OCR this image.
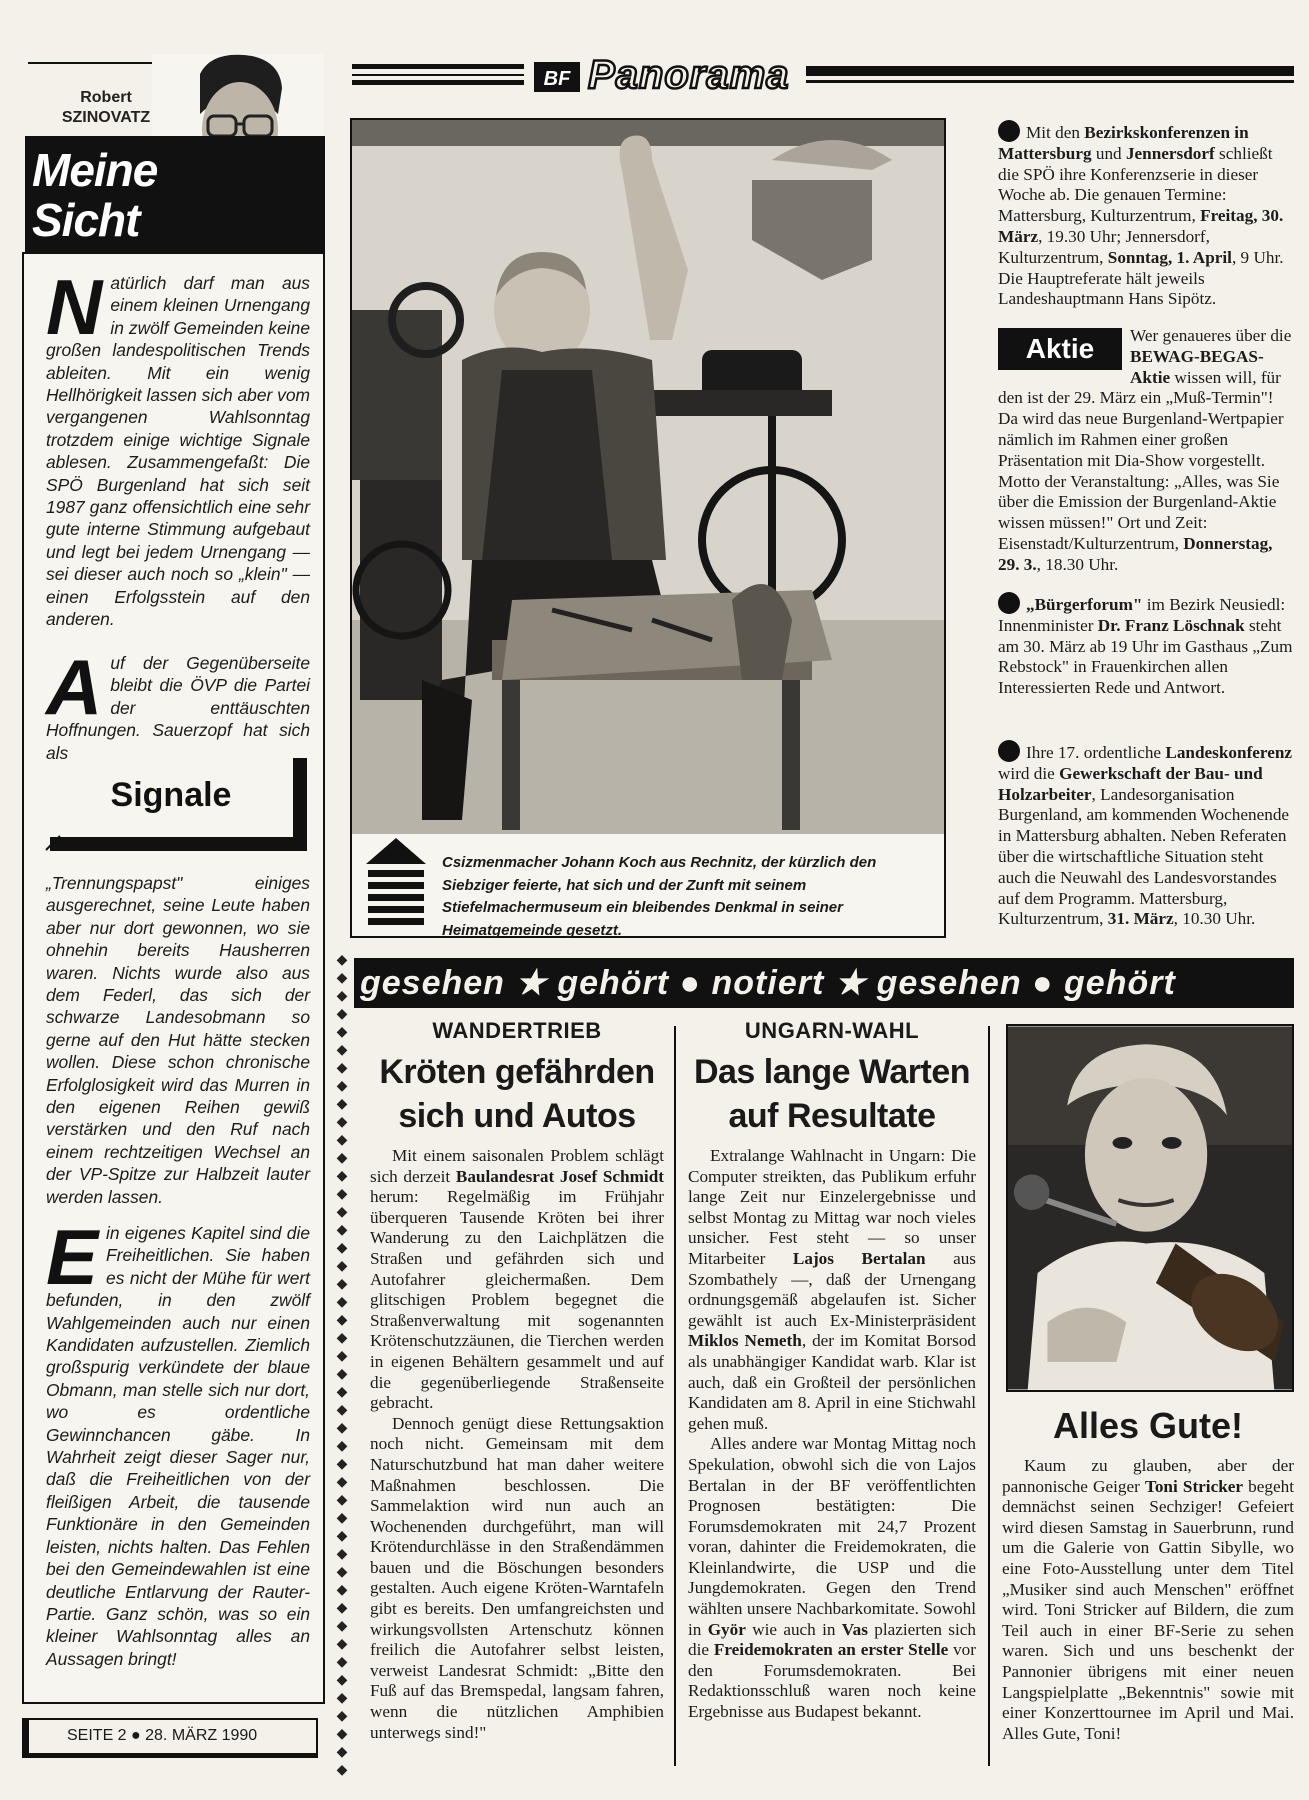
Robert SZINOVATZ
Meine
Sicht
Natürlich darf man aus einem kleinen Urnengang in zwölf Gemeinden keine großen landespolitischen Trends ableiten. Mit ein wenig Hellhörigkeit lassen sich aber vom vergangenen Wahlsonntag trotzdem einige wichtige Signale ablesen. Zusammengefaßt: Die SPÖ Burgenland hat sich seit 1987 ganz offensichtlich eine sehr gute interne Stimmung aufgebaut und legt bei jedem Urnengang — sei dieser auch noch so „klein" — einen Erfolgsstein auf den anderen.
Auf der Gegenüberseite bleibt die ÖVP die Partei der enttäuschten Hoffnungen. Sauerzopf hat sich als
Signale
„Trennungspapst" einiges ausgerechnet, seine Leute haben aber nur dort gewonnen, wo sie ohnehin bereits Hausherren waren. Nichts wurde also aus dem Federl, das sich der schwarze Landesobmann so gerne auf den Hut hätte stecken wollen. Diese schon chronische Erfolglosigkeit wird das Murren in den eigenen Reihen gewiß verstärken und den Ruf nach einem rechtzeitigen Wechsel an der VP-Spitze zur Halbzeit lauter werden lassen.
Ein eigenes Kapitel sind die Freiheitlichen. Sie haben es nicht der Mühe für wert befunden, in den zwölf Wahlgemeinden auch nur einen Kandidaten aufzustellen. Ziemlich großspurig verkündete der blaue Obmann, man stelle sich nur dort, wo es ordentliche Gewinnchancen gäbe. In Wahrheit zeigt dieser Sager nur, daß die Freiheitlichen von der fleißigen Arbeit, die tausende Funktionäre in den Gemeinden leisten, nichts halten. Das Fehlen bei den Gemeindewahlen ist eine deutliche Entlarvung der Rauter-Partie. Ganz schön, was so ein kleiner Wahlsonntag alles an Aussagen bringt!
SEITE 2 ● 28. MÄRZ 1990
◆
◆
◆
◆
◆
◆
◆
◆
◆
◆
◆
◆
◆
◆
◆
◆
◆
◆
◆
◆
◆
◆
◆
◆
◆
◆
◆
◆
◆
◆
◆
◆
◆
◆
◆
◆
◆
◆
◆
◆
◆
◆
◆
◆
◆
◆
BF Panorama
Csizmenmacher Johann Koch aus Rechnitz, der kürzlich den Siebziger feierte, hat sich und der Zunft mit seinem Stiefelmachermuseum ein bleibendes Denkmal in seiner Heimatgemeinde gesetzt.
Mit den Bezirkskonferenzen in Mattersburg und Jennersdorf schließt die SPÖ ihre Konferenzserie in dieser Woche ab. Die genauen Termine: Mattersburg, Kulturzentrum, Freitag, 30. März, 19.30 Uhr; Jennersdorf, Kulturzentrum, Sonntag, 1. April, 9 Uhr. Die Hauptreferate hält jeweils Landeshauptmann Hans Sipötz.
Aktie	Wer genaueres über die BEWAG-BEGAS-Aktie wissen will, für den ist der 29. März ein „Muß-Termin"! Da wird das neue Burgenland-Wertpapier nämlich im Rahmen einer großen Präsentation mit Dia-Show vorgestellt. Motto der Veranstaltung: „Alles, was Sie über die Emission der Burgenland-Aktie wissen müssen!" Ort und Zeit: Eisenstadt/Kulturzentrum, Donnerstag, 29. 3., 18.30 Uhr.
„Bürgerforum" im Bezirk Neusiedl: Innenminister Dr. Franz Löschnak steht am 30. März ab 19 Uhr im Gasthaus „Zum Rebstock" in Frauenkirchen allen Interessierten Rede und Antwort.
Ihre 17. ordentliche Landeskonferenz wird die Gewerkschaft der Bau- und Holzarbeiter, Landesorganisation Burgenland, am kommenden Wochenende in Mattersburg abhalten. Neben Referaten über die wirtschaftliche Situation steht auch die Neuwahl des Landesvorstandes auf dem Programm. Mattersburg, Kulturzentrum, 31. März, 10.30 Uhr.
gesehen ★ gehört ● notiert ★ gesehen ● gehört
WANDERTRIEB
Kröten gefährden sich und Autos

Mit einem saisonalen Problem schlägt sich derzeit Baulandesrat Josef Schmidt herum: Regelmäßig im Frühjahr überqueren Tausende Kröten bei ihrer Wanderung zu den Laichplätzen die Straßen und gefährden sich und Autofahrer gleichermaßen. Dem glitschigen Problem begegnet die Straßenverwaltung mit sogenannten Krötenschutzzäunen, die Tierchen werden in eigenen Behältern gesammelt und auf die gegenüberliegende Straßenseite gebracht.

Dennoch genügt diese Rettungsaktion noch nicht. Gemeinsam mit dem Naturschutzbund hat man daher weitere Maßnahmen beschlossen. Die Sammelaktion wird nun auch an Wochenenden durchgeführt, man will Krötendurchlässe in den Straßendämmen bauen und die Böschungen besonders gestalten. Auch eigene Kröten-Warntafeln gibt es bereits. Den umfangreichsten und wirkungsvollsten Artenschutz können freilich die Autofahrer selbst leisten, verweist Landesrat Schmidt: „Bitte den Fuß auf das Bremspedal, langsam fahren, wenn die nützlichen Amphibien unterwegs sind!"

UNGARN-WAHL
Das lange Warten auf Resultate

Extralange Wahlnacht in Ungarn: Die Computer streikten, das Publikum erfuhr lange Zeit nur Einzelergebnisse und selbst Montag zu Mittag war noch vieles unsicher. Fest steht — so unser Mitarbeiter Lajos Bertalan aus Szombathely —, daß der Urnengang ordnungsgemäß abgelaufen ist. Sicher gewählt ist auch Ex-Ministerpräsident Miklos Nemeth, der im Komitat Borsod als unabhängiger Kandidat warb. Klar ist auch, daß ein Großteil der persönlichen Kandidaten am 8. April in eine Stichwahl gehen muß.

Alles andere war Montag Mittag noch Spekulation, obwohl sich die von Lajos Bertalan in der BF veröffentlichten Prognosen bestätigten: Die Forumsdemokraten mit 24,7 Prozent voran, dahinter die Freidemokraten, die Kleinlandwirte, die USP und die Jungdemokraten. Gegen den Trend wählten unsere Nachbarkomitate. Sowohl in Györ wie auch in Vas plazierten sich die Freidemokraten an erster Stelle vor den Forumsdemokraten. Bei Redaktionsschluß waren noch keine Ergebnisse aus Budapest bekannt.

Alles Gute!

Kaum zu glauben, aber der pannonische Geiger Toni Stricker begeht demnächst seinen Sechziger! Gefeiert wird diesen Samstag in Sauerbrunn, rund um die Galerie von Gattin Sibylle, wo eine Foto-Ausstellung unter dem Titel „Musiker sind auch Menschen" eröffnet wird. Toni Stricker auf Bildern, die zum Teil auch in einer BF-Serie zu sehen waren. Sich und uns beschenkt der Pannonier übrigens mit einer neuen Langspielplatte „Bekenntnis" sowie mit einer Konzerttournee im April und Mai. Alles Gute, Toni!
